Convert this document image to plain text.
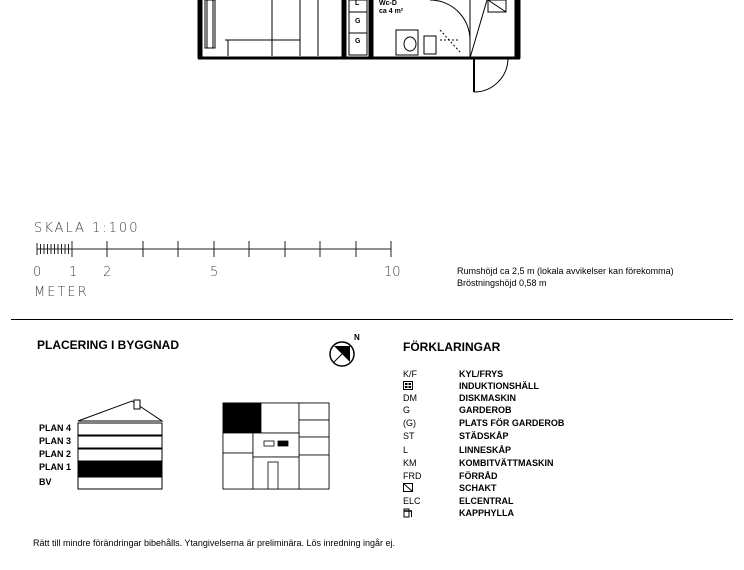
L
G
G
Wc-D
ca 4 m²
SKALA 1:100
0 1 2	5	10
METER
Rumshöjd ca 2,5 m (lokala avvikelser kan förekomma)
Bröstningshöjd 0,58 m
PLACERING I BYGGNAD
N
PLAN 4
PLAN 3
PLAN 2
PLAN 1
BV
FÖRKLARINGAR
K/F	KYL/FRYS
INDUKTIONSHÄLL
DM	DISKMASKIN
G	GARDEROB
(G)	PLATS FÖR GARDEROB
ST	STÄDSKÅP
L	LINNESKÅP
KM	KOMBITVÄTTMASKIN
FRD	FÖRRÅD
SCHAKT
ELC	ELCENTRAL
KAPPHYLLA
Rätt till mindre förändringar bibehålls. Ytangivelserna är preliminära. Lös inredning ingår ej.
